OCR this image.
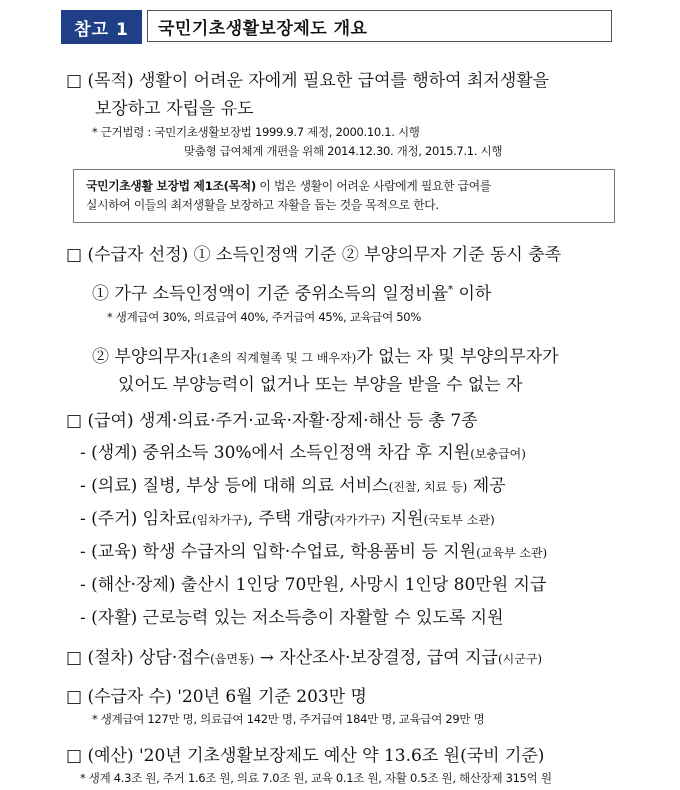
참고 1	국민기초생활보장제도 개요
□ (목적) 생활이 어려운 자에게 필요한 급여를 행하여 최저생활을
보장하고 자립을 유도
* 근거법령 : 국민기초생활보장법 1999.9.7 제정, 2000.10.1. 시행
맞춤형 급여체계 개편을 위해 2014.12.30. 개정, 2015.7.1. 시행
국민기초생활 보장법 제1조(목적) 이 법은 생활이 어려운 사람에게 필요한 급여를
실시하여 이들의 최저생활을 보장하고 자활을 돕는 것을 목적으로 한다.
□ (수급자 선정) ① 소득인정액 기준 ② 부양의무자 기준 동시 충족
① 가구 소득인정액이 기준 중위소득의 일정비율* 이하
* 생계급여 30%, 의료급여 40%, 주거급여 45%, 교육급여 50%
② 부양의무자(1촌의 직계혈족 및 그 배우자)가 없는 자 및 부양의무자가
있어도 부양능력이 없거나 또는 부양을 받을 수 없는 자
□ (급여) 생계·의료·주거·교육·자활·장제·해산 등 총 7종
- (생계) 중위소득 30%에서 소득인정액 차감 후 지원(보충급여)
- (의료) 질병, 부상 등에 대해 의료 서비스(진찰, 치료 등) 제공
- (주거) 임차료(임차가구), 주택 개량(자가가구) 지원(국토부 소관)
- (교육) 학생 수급자의 입학·수업료, 학용품비 등 지원(교육부 소관)
- (해산·장제) 출산시 1인당 70만원, 사망시 1인당 80만원 지급
- (자활) 근로능력 있는 저소득층이 자활할 수 있도록 지원
□ (절차) 상담·접수(읍면동) → 자산조사·보장결정, 급여 지급(시군구)
□ (수급자 수) '20년 6월 기준 203만 명
* 생계급여 127만 명, 의료급여 142만 명, 주거급여 184만 명, 교육급여 29만 명
□ (예산) '20년 기초생활보장제도 예산 약 13.6조 원(국비 기준)
* 생계 4.3조 원, 주거 1.6조 원, 의료 7.0조 원, 교육 0.1조 원, 자활 0.5조 원, 해산장제 315억 원
